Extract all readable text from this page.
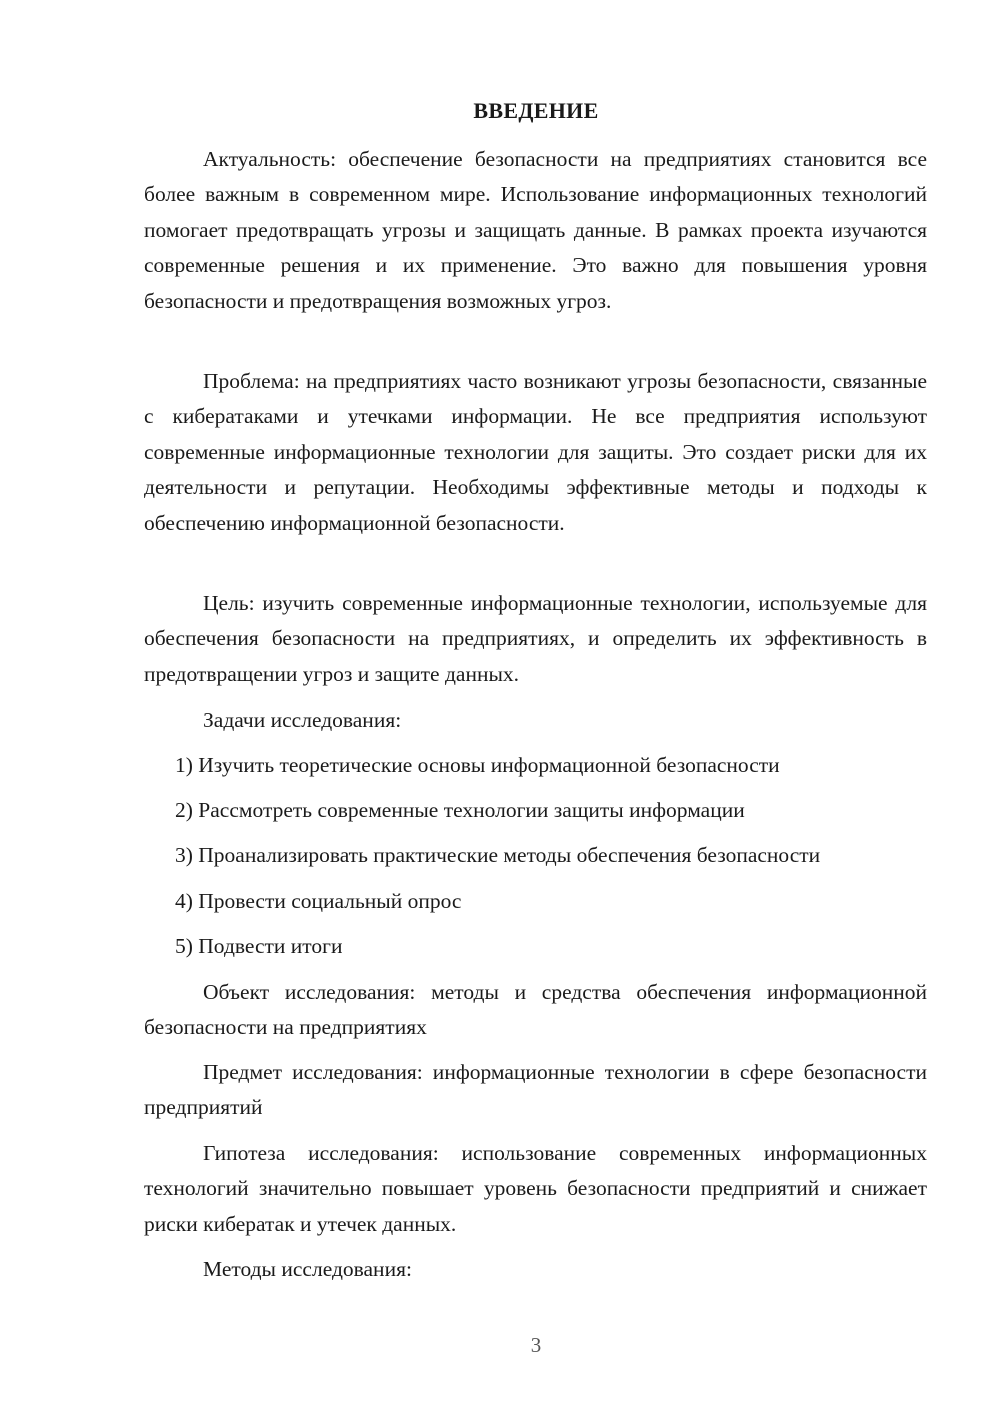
ВВЕДЕНИЕ

Актуальность: обеспечение безопасности на предприятиях становится все более важным в современном мире. Использование информационных технологий помогает предотвращать угрозы и защищать данные. В рамках проекта изучаются современные решения и их применение. Это важно для повышения уровня безопасности и предотвращения возможных угроз.

Проблема: на предприятиях часто возникают угрозы безопасности, связанные с кибератаками и утечками информации. Не все предприятия используют современные информационные технологии для защиты. Это создает риски для их деятельности и репутации. Необходимы эффективные методы и подходы к обеспечению информационной безопасности.

Цель: изучить современные информационные технологии, используемые для обеспечения безопасности на предприятиях, и определить их эффективность в предотвращении угроз и защите данных.

Задачи исследования:
1) Изучить теоретические основы информационной безопасности
2) Рассмотреть современные технологии защиты информации
3) Проанализировать практические методы обеспечения безопасности
4) Провести социальный опрос
5) Подвести итоги

Объект исследования: методы и средства обеспечения информационной безопасности на предприятиях

Предмет исследования: информационные технологии в сфере безопасности предприятий

Гипотеза исследования: использование современных информационных технологий значительно повышает уровень безопасности предприятий и снижает риски кибератак и утечек данных.

Методы исследования:
3
